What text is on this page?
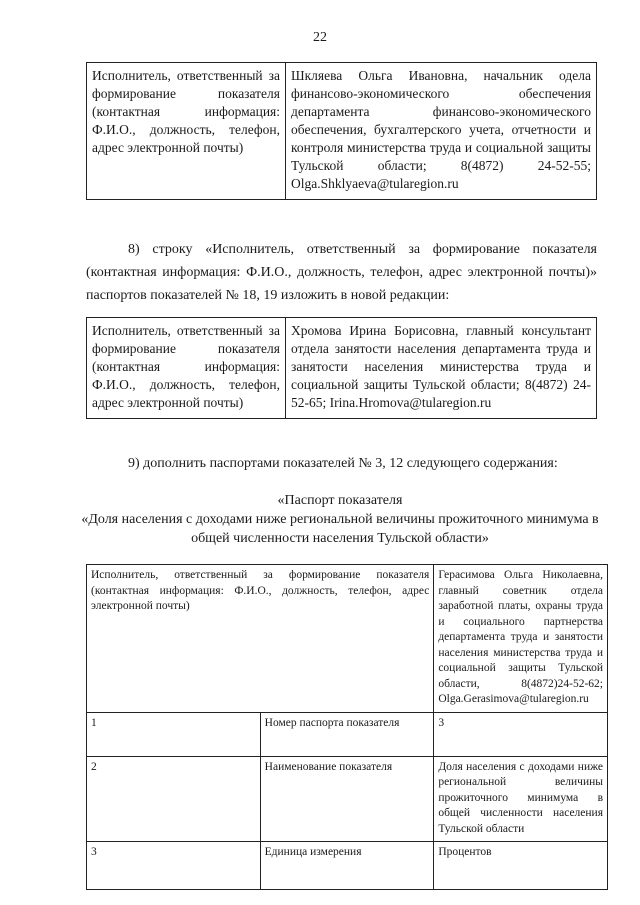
22
Исполнитель, ответственный за формирование показателя (контактная информация: Ф.И.О., должность, телефон, адрес электронной почты)	Шкляева Ольга Ивановна, начальник одела финансово-экономического обеспечения департамента финансово-экономического обеспечения, бухгалтерского учета, отчетности и контроля министерства труда и социальной защиты Тульской области; 8(4872) 24-52-55; Olga.Shklyaeva@tularegion.ru
8) строку «Исполнитель, ответственный за формирование показателя (контактная информация: Ф.И.О., должность, телефон, адрес электронной почты)» паспортов показателей № 18, 19 изложить в новой редакции:
Исполнитель, ответственный за формирование показателя (контактная информация: Ф.И.О., должность, телефон, адрес электронной почты)	Хромова Ирина Борисовна, главный консультант отдела занятости населения департамента труда и занятости населения министерства труда и социальной защиты Тульской области; 8(4872) 24-52-65; Irina.Hromova@tularegion.ru
9) дополнить паспортами показателей № 3, 12 следующего содержания:
«Паспорт показателя
«Доля населения с доходами ниже региональной величины прожиточного минимума в общей численности населения Тульской области»
Исполнитель, ответственный за формирование показателя (контактная информация: Ф.И.О., должность, телефон, адрес электронной почты)		Герасимова Ольга Николаевна, главный советник отдела заработной платы, охраны труда и социального партнерства департамента труда и занятости населения министерства труда и социальной защиты Тульской области, 8(4872)24-52-62; Olga.Gerasimova@tularegion.ru
1	Номер паспорта показателя	3
2	Наименование показателя	Доля населения с доходами ниже региональной величины прожиточного минимума в общей численности населения Тульской области
3	Единица измерения	Процентов
